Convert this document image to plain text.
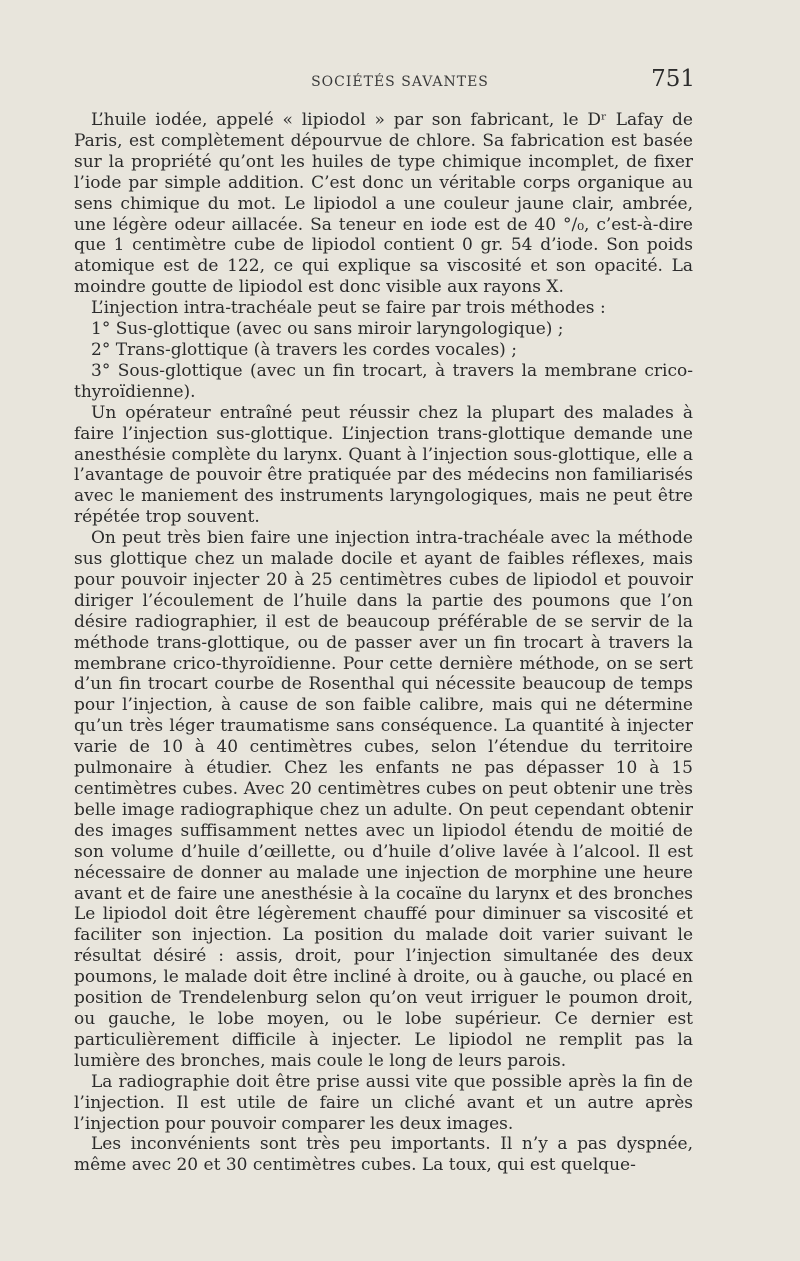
SOCIÉTÉS SAVANTES	751

L’huile iodée, appelé « lipiodol » par son fabricant, le Dʳ Lafay de Paris, est complètement dépourvue de chlore. Sa fabrication est basée sur la propriété qu’ont les huiles de type chimique incomplet, de fixer l’iode par simple addition. C’est donc un véritable corps organique au sens chimique du mot. Le lipiodol a une couleur jaune clair, ambrée, une légère odeur aillacée. Sa teneur en iode est de 40 °/₀, c’est-à-dire que 1 centimètre cube de lipiodol contient 0 gr. 54 d’iode. Son poids atomique est de 122, ce qui explique sa viscosité et son opacité. La moindre goutte de lipiodol est donc visible aux rayons X.

L’injection intra-trachéale peut se faire par trois méthodes :

1° Sus-glottique (avec ou sans miroir laryngologique) ;

2° Trans-glottique (à travers les cordes vocales) ;

3° Sous-glottique (avec un fin trocart, à travers la membrane crico-thyroïdienne).

Un opérateur entraîné peut réussir chez la plupart des malades à faire l’injection sus-glottique. L’injection trans-glottique demande une anesthésie complète du larynx. Quant à l’injection sous-glottique, elle a l’avantage de pouvoir être pratiquée par des médecins non familiarisés avec le maniement des instruments laryngologiques, mais ne peut être répétée trop souvent.

On peut très bien faire une injection intra-trachéale avec la méthode sus glottique chez un malade docile et ayant de faibles réflexes, mais pour pouvoir injecter 20 à 25 centimètres cubes de lipiodol et pouvoir diriger l’écoulement de l’huile dans la partie des poumons que l’on désire radiographier, il est de beaucoup préférable de se servir de la méthode trans-glottique, ou de passer aver un fin trocart à travers la membrane crico-thyroïdienne. Pour cette dernière méthode, on se sert d’un fin trocart courbe de Rosenthal qui nécessite beaucoup de temps pour l’injection, à cause de son faible calibre, mais qui ne détermine qu’un très léger traumatisme sans conséquence. La quantité à injecter varie de 10 à 40 centimètres cubes, selon l’étendue du territoire pulmonaire à étudier. Chez les enfants ne pas dépasser 10 à 15 centimètres cubes. Avec 20 centimètres cubes on peut obtenir une très belle image radiographique chez un adulte. On peut cependant obtenir des images suffisamment nettes avec un lipiodol étendu de moitié de son volume d’huile d’œillette, ou d’huile d’olive lavée à l’alcool. Il est nécessaire de donner au malade une injection de morphine une heure avant et de faire une anesthésie à la cocaïne du larynx et des bronches Le lipiodol doit être légèrement chauffé pour diminuer sa viscosité et faciliter son injection. La position du malade doit varier suivant le résultat désiré : assis, droit, pour l’injection simultanée des deux poumons, le malade doit être incliné à droite, ou à gauche, ou placé en position de Trendelenburg selon qu’on veut irriguer le poumon droit, ou gauche, le lobe moyen, ou le lobe supérieur. Ce dernier est particulièrement difficile à injecter. Le lipiodol ne remplit pas la lumière des bronches, mais coule le long de leurs parois.

La radiographie doit être prise aussi vite que possible après la fin de l’injection. Il est utile de faire un cliché avant et un autre après l’injection pour pouvoir comparer les deux images.

Les inconvénients sont très peu importants. Il n’y a pas dyspnée, même avec 20 et 30 centimètres cubes. La toux, qui est quelque-
